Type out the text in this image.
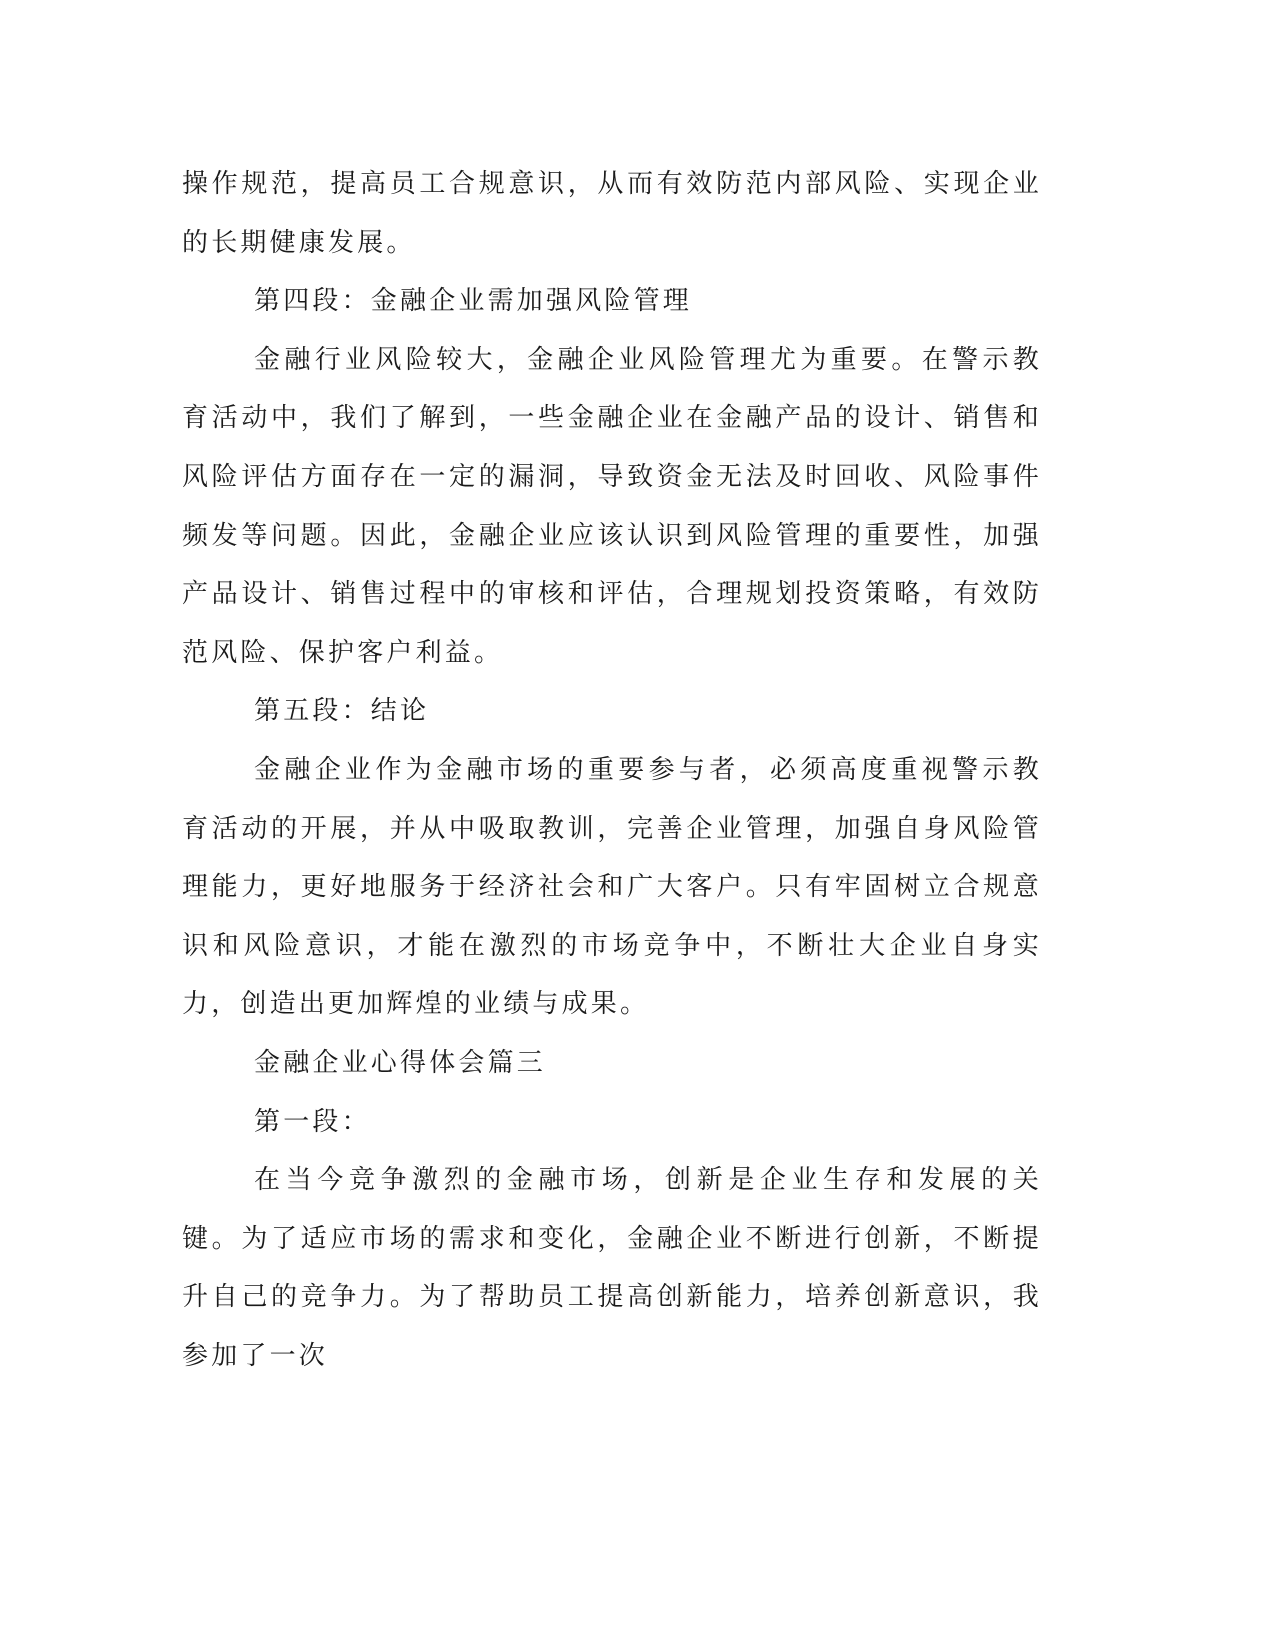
操作规范，提高员工合规意识，从而有效防范内部风险、实现企业的长期健康发展。

第四段：金融企业需加强风险管理

金融行业风险较大，金融企业风险管理尤为重要。在警示教育活动中，我们了解到，一些金融企业在金融产品的设计、销售和风险评估方面存在一定的漏洞，导致资金无法及时回收、风险事件频发等问题。因此，金融企业应该认识到风险管理的重要性，加强产品设计、销售过程中的审核和评估，合理规划投资策略，有效防范风险、保护客户利益。

第五段：结论

金融企业作为金融市场的重要参与者，必须高度重视警示教育活动的开展，并从中吸取教训，完善企业管理，加强自身风险管理能力，更好地服务于经济社会和广大客户。只有牢固树立合规意识和风险意识，才能在激烈的市场竞争中，不断壮大企业自身实力，创造出更加辉煌的业绩与成果。

金融企业心得体会篇三

第一段：

在当今竞争激烈的金融市场，创新是企业生存和发展的关键。为了适应市场的需求和变化，金融企业不断进行创新，不断提升自己的竞争力。为了帮助员工提高创新能力，培养创新意识，我参加了一次
